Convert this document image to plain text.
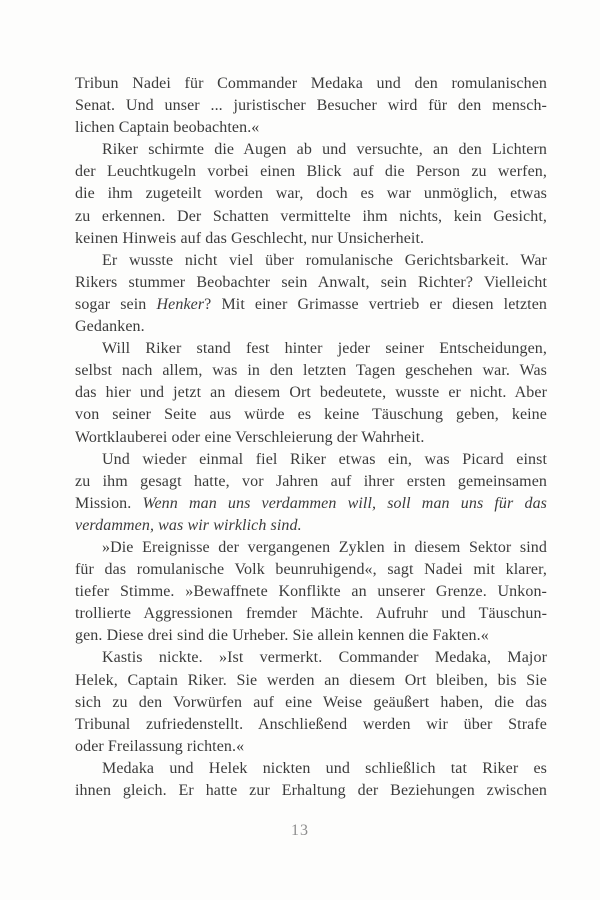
Tribun Nadei für Commander Medaka und den romulanischen
Senat. Und unser ... juristischer Besucher wird für den mensch-
lichen Captain beobachten.«
Riker schirmte die Augen ab und versuchte, an den Lichtern
der Leuchtkugeln vorbei einen Blick auf die Person zu werfen,
die ihm zugeteilt worden war, doch es war unmöglich, etwas
zu erkennen. Der Schatten vermittelte ihm nichts, kein Gesicht,
keinen Hinweis auf das Geschlecht, nur Unsicherheit.
Er wusste nicht viel über romulanische Gerichtsbarkeit. War
Rikers stummer Beobachter sein Anwalt, sein Richter? Vielleicht
sogar sein Henker? Mit einer Grimasse vertrieb er diesen letzten
Gedanken.
Will Riker stand fest hinter jeder seiner Entscheidungen,
selbst nach allem, was in den letzten Tagen geschehen war. Was
das hier und jetzt an diesem Ort bedeutete, wusste er nicht. Aber
von seiner Seite aus würde es keine Täuschung geben, keine
Wortklauberei oder eine Verschleierung der Wahrheit.
Und wieder einmal fiel Riker etwas ein, was Picard einst
zu ihm gesagt hatte, vor Jahren auf ihrer ersten gemeinsamen
Mission. Wenn man uns verdammen will, soll man uns für das
verdammen, was wir wirklich sind.
»Die Ereignisse der vergangenen Zyklen in diesem Sektor sind
für das romulanische Volk beunruhigend«, sagt Nadei mit klarer,
tiefer Stimme. »Bewaffnete Konflikte an unserer Grenze. Unkon-
trollierte Aggressionen fremder Mächte. Aufruhr und Täuschun-
gen. Diese drei sind die Urheber. Sie allein kennen die Fakten.«
Kastis nickte. »Ist vermerkt. Commander Medaka, Major
Helek, Captain Riker. Sie werden an diesem Ort bleiben, bis Sie
sich zu den Vorwürfen auf eine Weise geäußert haben, die das
Tribunal zufriedenstellt. Anschließend werden wir über Strafe
oder Freilassung richten.«
Medaka und Helek nickten und schließlich tat Riker es
ihnen gleich. Er hatte zur Erhaltung der Beziehungen zwischen
13
